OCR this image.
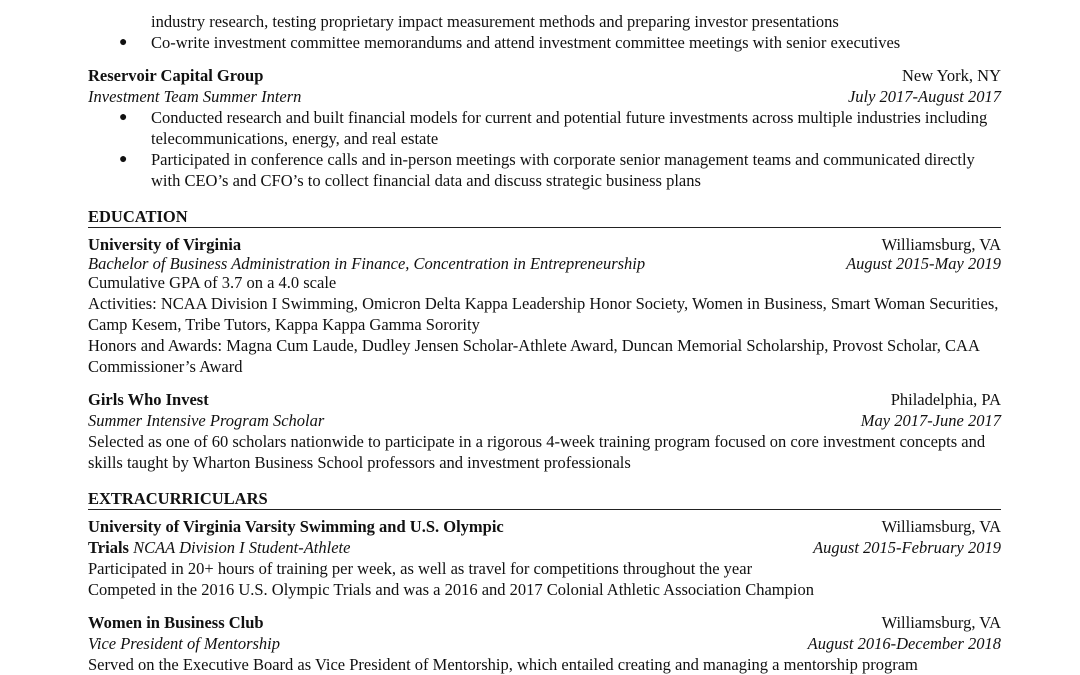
industry research, testing proprietary impact measurement methods and preparing investor presentations
● Co-write investment committee memorandums and attend investment committee meetings with senior executives
Reservoir Capital Group	New York, NY
Investment Team Summer Intern	July 2017-August 2017
● Conducted research and built financial models for current and potential future investments across multiple industries including telecommunications, energy, and real estate
● Participated in conference calls and in-person meetings with corporate senior management teams and communicated directly with CEO’s and CFO’s to collect financial data and discuss strategic business plans
EDUCATION
University of Virginia	Williamsburg, VA
Bachelor of Business Administration in Finance, Concentration in Entrepreneurship	August 2015-May 2019
Cumulative GPA of 3.7 on a 4.0 scale
Activities: NCAA Division I Swimming, Omicron Delta Kappa Leadership Honor Society, Women in Business, Smart Woman Securities, Camp Kesem, Tribe Tutors, Kappa Kappa Gamma Sorority
Honors and Awards: Magna Cum Laude, Dudley Jensen Scholar-Athlete Award, Duncan Memorial Scholarship, Provost Scholar, CAA Commissioner’s Award
Girls Who Invest	Philadelphia, PA
Summer Intensive Program Scholar	May 2017-June 2017
Selected as one of 60 scholars nationwide to participate in a rigorous 4-week training program focused on core investment concepts and skills taught by Wharton Business School professors and investment professionals
EXTRACURRICULARS
University of Virginia Varsity Swimming and U.S. Olympic	Williamsburg, VA
Trials NCAA Division I Student-Athlete	August 2015-February 2019
Participated in 20+ hours of training per week, as well as travel for competitions throughout the year
Competed in the 2016 U.S. Olympic Trials and was a 2016 and 2017 Colonial Athletic Association Champion
Women in Business Club	Williamsburg, VA
Vice President of Mentorship	August 2016-December 2018
Served on the Executive Board as Vice President of Mentorship, which entailed creating and managing a mentorship program
